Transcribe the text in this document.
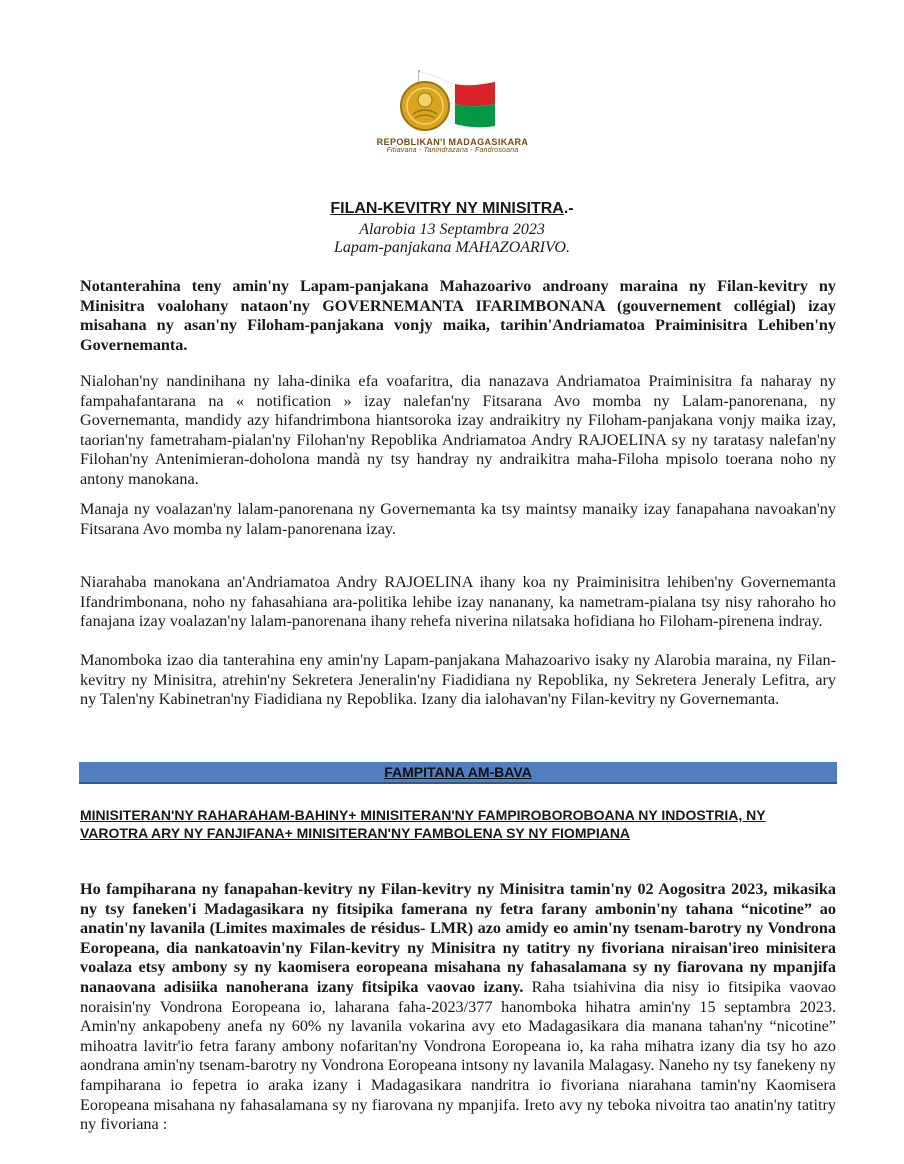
REPOBLIKAN'I MADAGASIKARA
Fitiavana - Tanindrazana - Fandrosoana
FILAN-KEVITRY NY MINISITRA.-
Alarobia 13 Septambra 2023
Lapam-panjakana MAHAZOARIVO.
Notanterahina teny amin'ny Lapam-panjakana Mahazoarivo androany maraina ny Filan-kevitry ny Minisitra voalohany nataon'ny GOVERNEMANTA IFARIMBONANA (gouvernement collégial) izay misahana ny asan'ny Filoham-panjakana vonjy maika, tarihin'Andriamatoa Praiminisitra Lehiben'ny Governemanta.
Nialohan'ny nandinihana ny laha-dinika efa voafaritra, dia nanazava Andriamatoa Praiminisitra fa naharay ny fampahafantarana na « notification » izay nalefan'ny Fitsarana Avo momba ny Lalam-panorenana, ny Governemanta, mandidy azy hifandrimbona hiantsoroka izay andraikitry ny Filoham-panjakana vonjy maika izay, taorian'ny fametraham-pialan'ny Filohan'ny Repoblika Andriamatoa Andry RAJOELINA sy ny taratasy nalefan'ny Filohan'ny Antenimieran-doholona mandà ny tsy handray ny andraikitra maha-Filoha mpisolo toerana noho ny antony manokana.
Manaja ny voalazan'ny lalam-panorenana ny Governemanta ka tsy maintsy manaiky izay fanapahana navoakan'ny Fitsarana Avo momba ny lalam-panorenana izay.
Niarahaba manokana an'Andriamatoa Andry RAJOELINA ihany koa ny Praiminisitra lehiben'ny Governemanta Ifandrimbonana, noho ny fahasahiana ara-politika lehibe izay nananany, ka nametram-pialana tsy nisy rahoraho ho fanajana izay voalazan'ny lalam-panorenana ihany rehefa niverina nilatsaka hofidiana ho Filoham-pirenena indray.
Manomboka izao dia tanterahina eny amin'ny Lapam-panjakana Mahazoarivo isaky ny Alarobia maraina, ny Filan-kevitry ny Minisitra, atrehin'ny Sekretera Jeneralin'ny Fiadidiana ny Repoblika, ny Sekretera Jeneraly Lefitra, ary ny Talen'ny Kabinetran'ny Fiadidiana ny Repoblika. Izany dia ialohavan'ny Filan-kevitry ny Governemanta.
FAMPITANA AM-BAVA
MINISITERAN'NY RAHARAHAM-BAHINY+ MINISITERAN'NY FAMPIROBOROBOANA NY INDOSTRIA, NY VAROTRA ARY NY FANJIFANA+ MINISITERAN'NY FAMBOLENA SY NY FIOMPIANA
Ho fampiharana ny fanapahan-kevitry ny Filan-kevitry ny Minisitra tamin'ny 02 Aogositra 2023, mikasika ny tsy faneken'i Madagasikara ny fitsipika famerana ny fetra farany ambonin'ny tahana “nicotine” ao anatin'ny lavanila (Limites maximales de résidus- LMR) azo amidy eo amin'ny tsenam-barotry ny Vondrona Eoropeana, dia nankatoavin'ny Filan-kevitry ny Minisitra ny tatitry ny fivoriana niraisan'ireo minisitera voalaza etsy ambony sy ny kaomisera eoropeana misahana ny fahasalamana sy ny fiarovana ny mpanjifa nanaovana adisiika nanoherana izany fitsipika vaovao izany. Raha tsiahivina dia nisy io fitsipika vaovao noraisin'ny Vondrona Eoropeana io, laharana faha-2023/377 hanomboka hihatra amin'ny 15 septambra 2023. Amin'ny ankapobeny anefa ny 60% ny lavanila vokarina avy eto Madagasikara dia manana tahan'ny “nicotine” mihoatra lavitr'io fetra farany ambony nofaritan'ny Vondrona Eoropeana io, ka raha mihatra izany dia tsy ho azo aondrana amin'ny tsenam-barotry ny Vondrona Eoropeana intsony ny lavanila Malagasy. Naneho ny tsy fanekeny ny fampiharana io fepetra io araka izany i Madagasikara nandritra io fivoriana niarahana tamin'ny Kaomisera Eoropeana misahana ny fahasalamana sy ny fiarovana ny mpanjifa. Ireto avy ny teboka nivoitra tao anatin'ny tatitry ny fivoriana :
